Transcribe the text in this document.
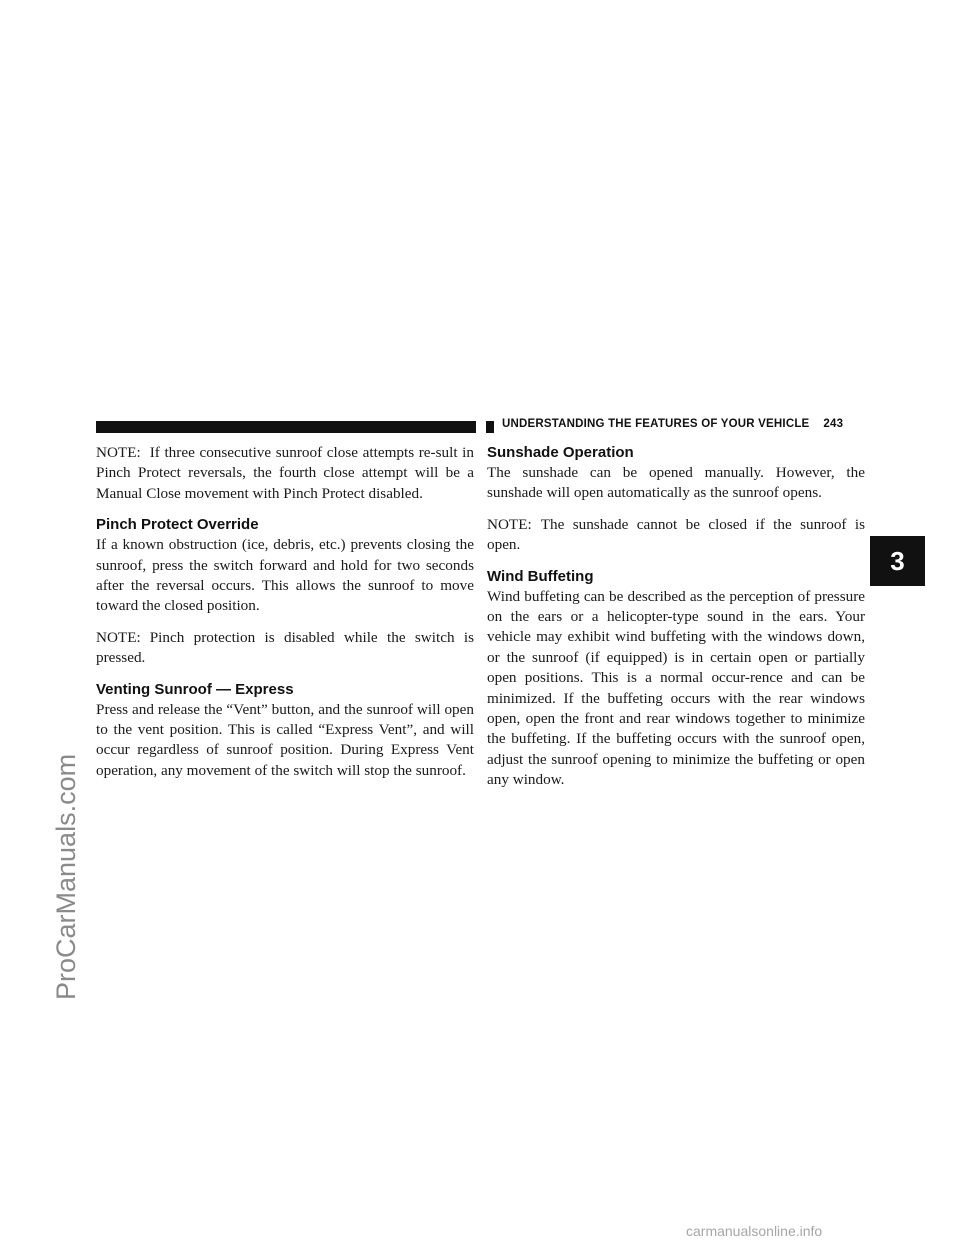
UNDERSTANDING THE FEATURES OF YOUR VEHICLE 243

NOTE: If three consecutive sunroof close attempts re-sult in Pinch Protect reversals, the fourth close attempt will be a Manual Close movement with Pinch Protect disabled.

Pinch Protect Override

If a known obstruction (ice, debris, etc.) prevents closing the sunroof, press the switch forward and hold for two seconds after the reversal occurs. This allows the sunroof to move toward the closed position.

NOTE: Pinch protection is disabled while the switch is pressed.

Venting Sunroof — Express

Press and release the “Vent” button, and the sunroof will open to the vent position. This is called “Express Vent”, and will occur regardless of sunroof position. During Express Vent operation, any movement of the switch will stop the sunroof.

Sunshade Operation

The sunshade can be opened manually. However, the sunshade will open automatically as the sunroof opens.

NOTE: The sunshade cannot be closed if the sunroof is open.

Wind Buffeting

Wind buffeting can be described as the perception of pressure on the ears or a helicopter-type sound in the ears. Your vehicle may exhibit wind buffeting with the windows down, or the sunroof (if equipped) is in certain open or partially open positions. This is a normal occur-rence and can be minimized. If the buffeting occurs with the rear windows open, open the front and rear windows together to minimize the buffeting. If the buffeting occurs with the sunroof open, adjust the sunroof opening to minimize the buffeting or open any window.

3
ProCarManuals.com
carmanualsonline.info
